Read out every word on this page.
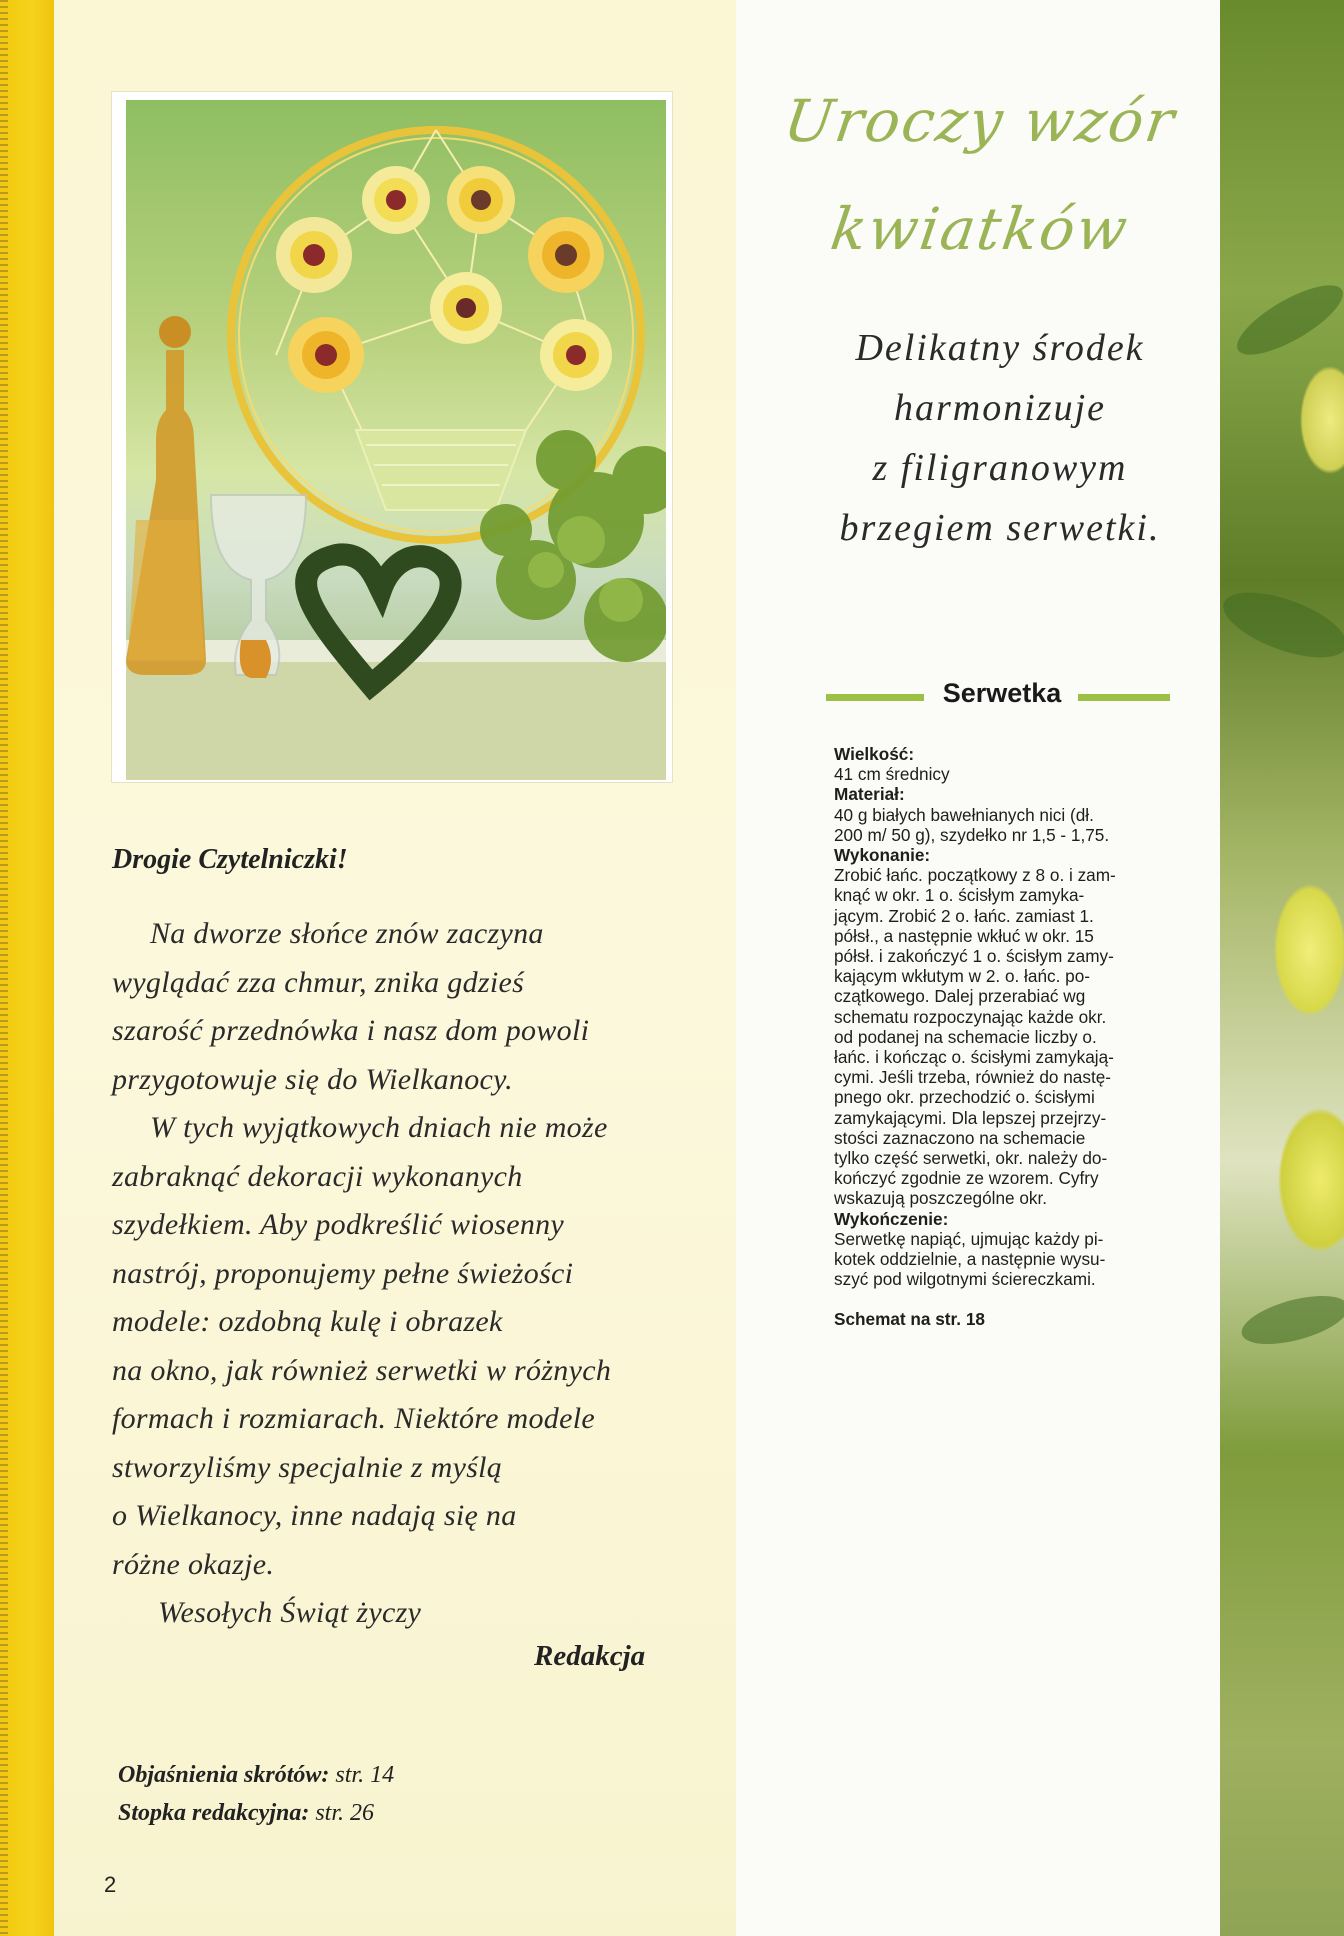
Uroczy wzór
kwiatków
Delikatny środek
harmonizuje
z filigranowym
brzegiem serwetki.
Serwetka
Wielkość:
41 cm średnicy
Materiał:
40 g białych bawełnianych nici (dł.
200 m/ 50 g), szydełko nr 1,5 - 1,75.
Wykonanie:
Zrobić łańc. początkowy z 8 o. i zam-
knąć w okr. 1 o. ścisłym zamyka-
jącym. Zrobić 2 o. łańc. zamiast 1.
półsł., a następnie wkłuć w okr. 15
półsł. i zakończyć 1 o. ścisłym zamy-
kającym wkłutym w 2. o. łańc. po-
czątkowego. Dalej przerabiać wg
schematu rozpoczynając każde okr.
od podanej na schemacie liczby o.
łańc. i kończąc o. ścisłymi zamykają-
cymi. Jeśli trzeba, również do nastę-
pnego okr. przechodzić o. ścisłymi
zamykającymi. Dla lepszej przejrzy-
stości zaznaczono na schemacie
tylko część serwetki, okr. należy do-
kończyć zgodnie ze wzorem. Cyfry
wskazują poszczególne okr.
Wykończenie:
Serwetkę napiąć, ujmując każdy pi-
kotek oddzielnie, a następnie wysu-
szyć pod wilgotnymi ściereczkami.
Schemat na str. 18
Drogie Czytelniczki!
Na dworze słońce znów zaczyna
wyglądać zza chmur, znika gdzieś
szarość przednówka i nasz dom powoli
przygotowuje się do Wielkanocy.
W tych wyjątkowych dniach nie może
zabraknąć dekoracji wykonanych
szydełkiem. Aby podkreślić wiosenny
nastrój, proponujemy pełne świeżości
modele: ozdobną kulę i obrazek
na okno, jak również serwetki w różnych
formach i rozmiarach. Niektóre modele
stworzyliśmy specjalnie z myślą
o Wielkanocy, inne nadają się na
różne okazje.
Wesołych Świąt życzy
Redakcja
Objaśnienia skrótów: str. 14
Stopka redakcyjna: str. 26
2
